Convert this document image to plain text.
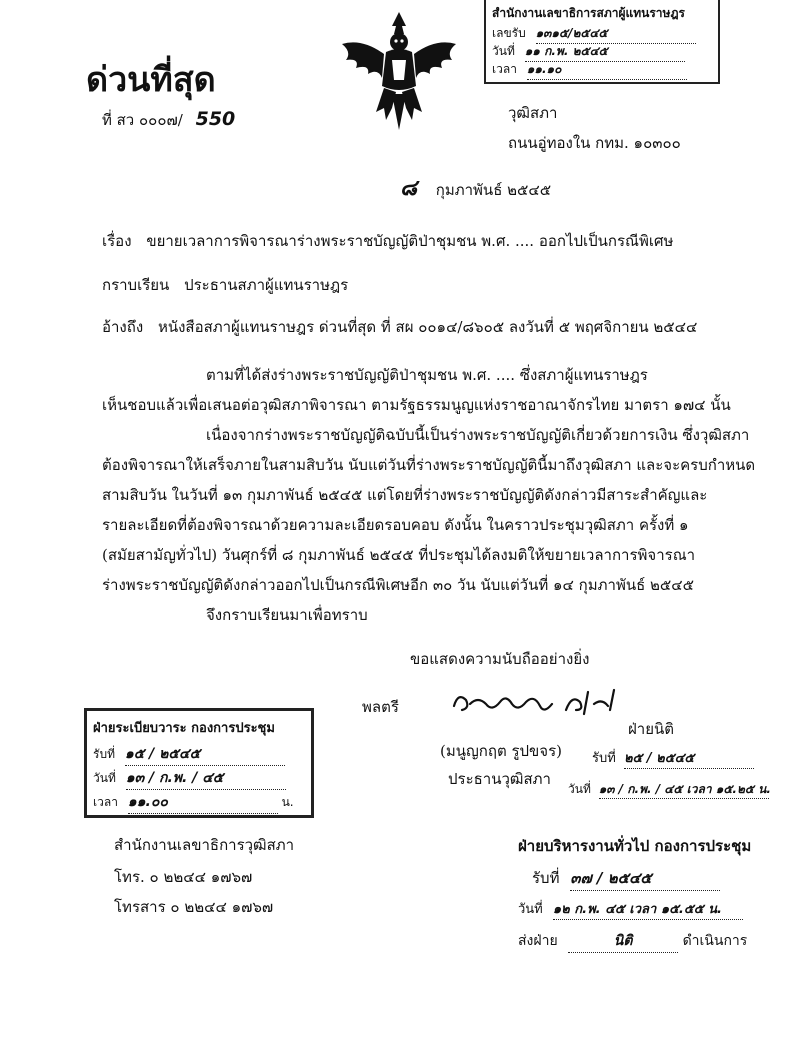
สำนักงานเลขาธิการสภาผู้แทนราษฎร
เลขรับ ๑๓๑๕/๒๕๔๕
วันที่ ๑๑ ก.พ. ๒๕๔๕
เวลา ๑๑.๑๐
ด่วนที่สุด
ที่ สว ๐๐๐๗/ 550	วุฒิสภา
ถนนอู่ทองใน กทม. ๑๐๓๐๐
๘ กุมภาพันธ์ ๒๕๔๕
เรื่อง ขยายเวลาการพิจารณาร่างพระราชบัญญัติป่าชุมชน พ.ศ. .... ออกไปเป็นกรณีพิเศษ
กราบเรียน ประธานสภาผู้แทนราษฎร
อ้างถึง หนังสือสภาผู้แทนราษฎร ด่วนที่สุด ที่ สผ ๐๐๑๔/๘๖๐๕ ลงวันที่ ๕ พฤศจิกายน ๒๕๔๔
ตามที่ได้ส่งร่างพระราชบัญญัติป่าชุมชน พ.ศ. .... ซึ่งสภาผู้แทนราษฎร
เห็นชอบแล้วเพื่อเสนอต่อวุฒิสภาพิจารณา ตามรัฐธรรมนูญแห่งราชอาณาจักรไทย มาตรา ๑๗๔ นั้น
เนื่องจากร่างพระราชบัญญัติฉบับนี้เป็นร่างพระราชบัญญัติเกี่ยวด้วยการเงิน ซึ่งวุฒิสภา
ต้องพิจารณาให้เสร็จภายในสามสิบวัน นับแต่วันที่ร่างพระราชบัญญัตินี้มาถึงวุฒิสภา และจะครบกำหนด
สามสิบวัน ในวันที่ ๑๓ กุมภาพันธ์ ๒๕๔๕ แต่โดยที่ร่างพระราชบัญญัติดังกล่าวมีสาระสำคัญและ
รายละเอียดที่ต้องพิจารณาด้วยความละเอียดรอบคอบ ดังนั้น ในคราวประชุมวุฒิสภา ครั้งที่ ๑
(สมัยสามัญทั่วไป) วันศุกร์ที่ ๘ กุมภาพันธ์ ๒๕๔๕ ที่ประชุมได้ลงมติให้ขยายเวลาการพิจารณา
ร่างพระราชบัญญัติดังกล่าวออกไปเป็นกรณีพิเศษอีก ๓๐ วัน นับแต่วันที่ ๑๔ กุมภาพันธ์ ๒๕๔๕
จึงกราบเรียนมาเพื่อทราบ
ขอแสดงความนับถืออย่างยิ่ง
พลตรี
(มนูญกฤต รูปขจร)
ประธานวุฒิสภา
ฝ่ายระเบียบวาระ กองการประชุม
รับที่ ๑๕ / ๒๕๔๕
วันที่ ๑๓ / ก.พ. / ๔๕
เวลา ๑๑.๐๐	น.
ฝ่ายนิติ
รับที่ ๒๕ / ๒๕๔๕
วันที่ ๑๓ / ก.พ. / ๔๕ เวลา ๑๕.๒๕ น.
สำนักงานเลขาธิการวุฒิสภา
โทร. ๐ ๒๒๔๔ ๑๗๖๗
โทรสาร ๐ ๒๒๔๔ ๑๗๖๗
ฝ่ายบริหารงานทั่วไป กองการประชุม
รับที่ ๓๗ / ๒๕๔๕
วันที่ ๑๒ ก.พ. ๔๕ เวลา ๑๕.๕๕ น.
ส่งฝ่าย	นิติ	ดำเนินการ
